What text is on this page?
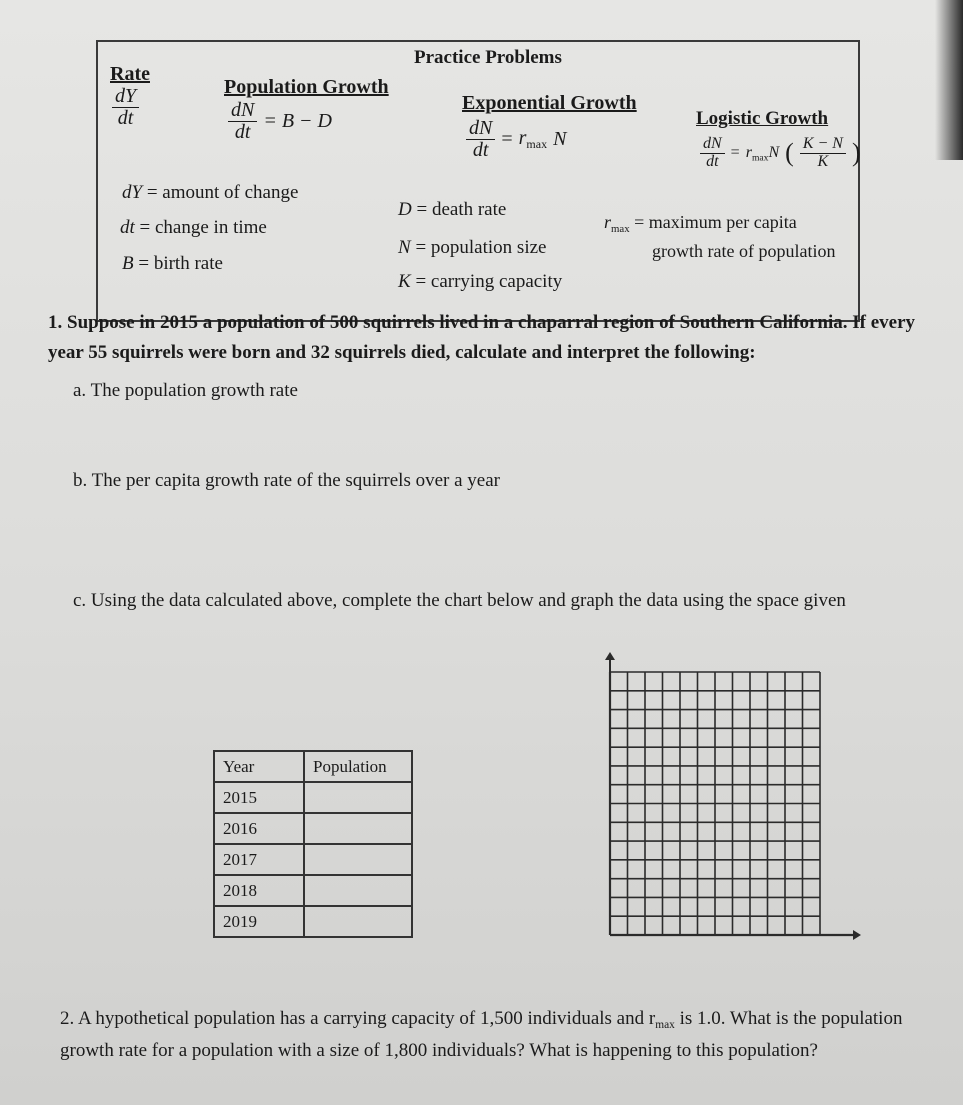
Practice Problems
Rate
$\frac{dY}{dt}$	Population Growth
$\frac{dN}{dt} = B - D$
Exponential Growth
$\frac{dN}{dt} = r_{max}$ N
Logistic Growth
$\frac{dN}{dt} = r_{max}N$ ( $\frac{K - N}{K}$ )
dY = amount of change
dt = change in time
B = birth rate
D = death rate
N = population size
K = carrying capacity
$r_{max}$ = maximum per capita
growth rate of population
1. Suppose in 2015 a population of 500 squirrels lived in a chaparral region of Southern California. If every
year 55 squirrels were born and 32 squirrels died, calculate and interpret the following:
a. The population growth rate
b. The per capita growth rate of the squirrels over a year
c. Using the data calculated above, complete the chart below and graph the data using the space given
Year	Population
2015	
2016	
2017	
2018	
2019	
2. A hypothetical population has a carrying capacity of 1,500 individuals and $r_{max}$ is 1.0. What is the population
growth rate for a population with a size of 1,800 individuals? What is happening to this population?
